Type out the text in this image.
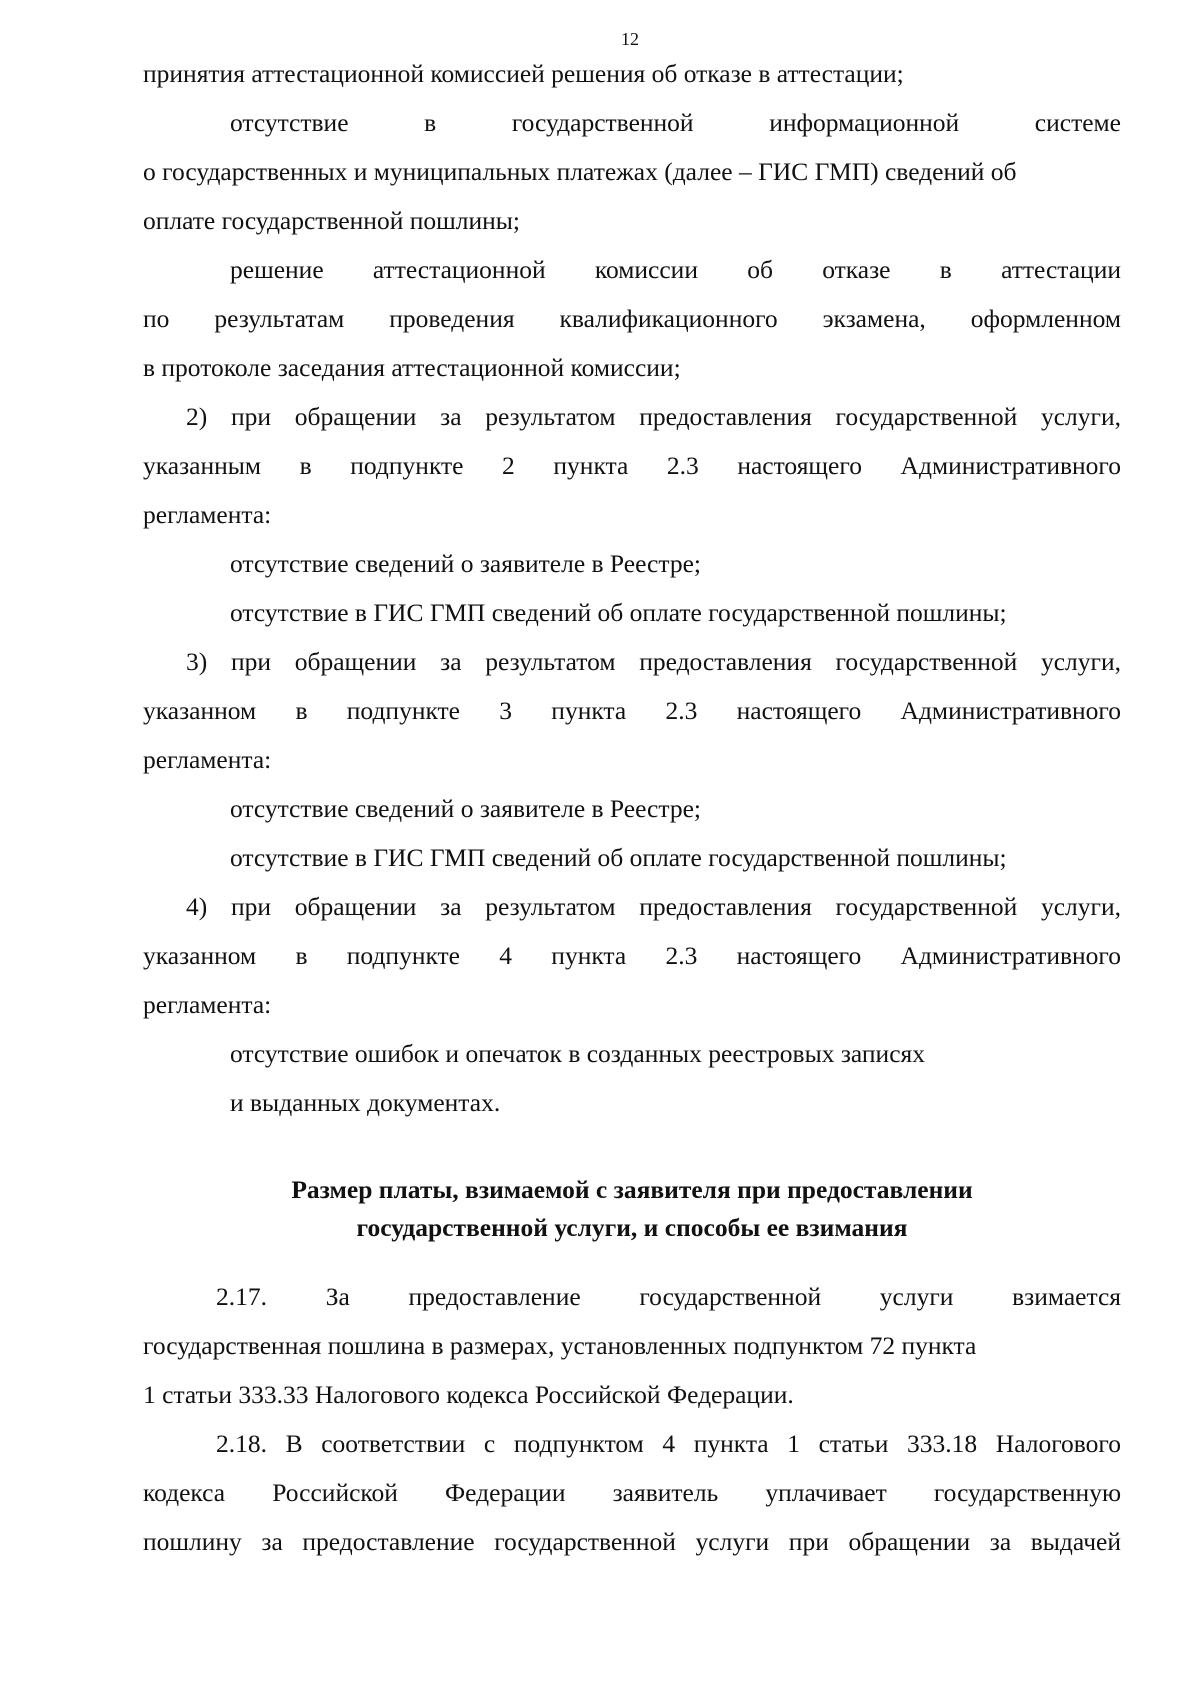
12
принятия аттестационной комиссией решения об отказе в аттестации;
отсутствие в государственной информационной системе
о государственных и муниципальных платежах (далее – ГИС ГМП) сведений об
оплате государственной пошлины;
решение аттестационной комиссии об отказе в аттестации
по результатам проведения квалификационного экзамена, оформленном
в протоколе заседания аттестационной комиссии;
2) при обращении за результатом предоставления государственной услуги,
указанным в подпункте 2 пункта 2.3 настоящего Административного
регламента:
отсутствие сведений о заявителе в Реестре;
отсутствие в ГИС ГМП сведений об оплате государственной пошлины;
3) при обращении за результатом предоставления государственной услуги,
указанном в подпункте 3 пункта 2.3 настоящего Административного
регламента:
отсутствие сведений о заявителе в Реестре;
отсутствие в ГИС ГМП сведений об оплате государственной пошлины;
4) при обращении за результатом предоставления государственной услуги,
указанном в подпункте 4 пункта 2.3 настоящего Административного
регламента:
отсутствие ошибок и опечаток в созданных реестровых записях
и выданных документах.
Размер платы, взимаемой с заявителя при предоставлении
государственной услуги, и способы ее взимания
2.17. За предоставление государственной услуги взимается
государственная пошлина в размерах, установленных подпунктом 72 пункта
1 статьи 333.33 Налогового кодекса Российской Федерации.
2.18. В соответствии с подпунктом 4 пункта 1 статьи 333.18 Налогового
кодекса Российской Федерации заявитель уплачивает государственную
пошлину за предоставление государственной услуги при обращении за выдачей
